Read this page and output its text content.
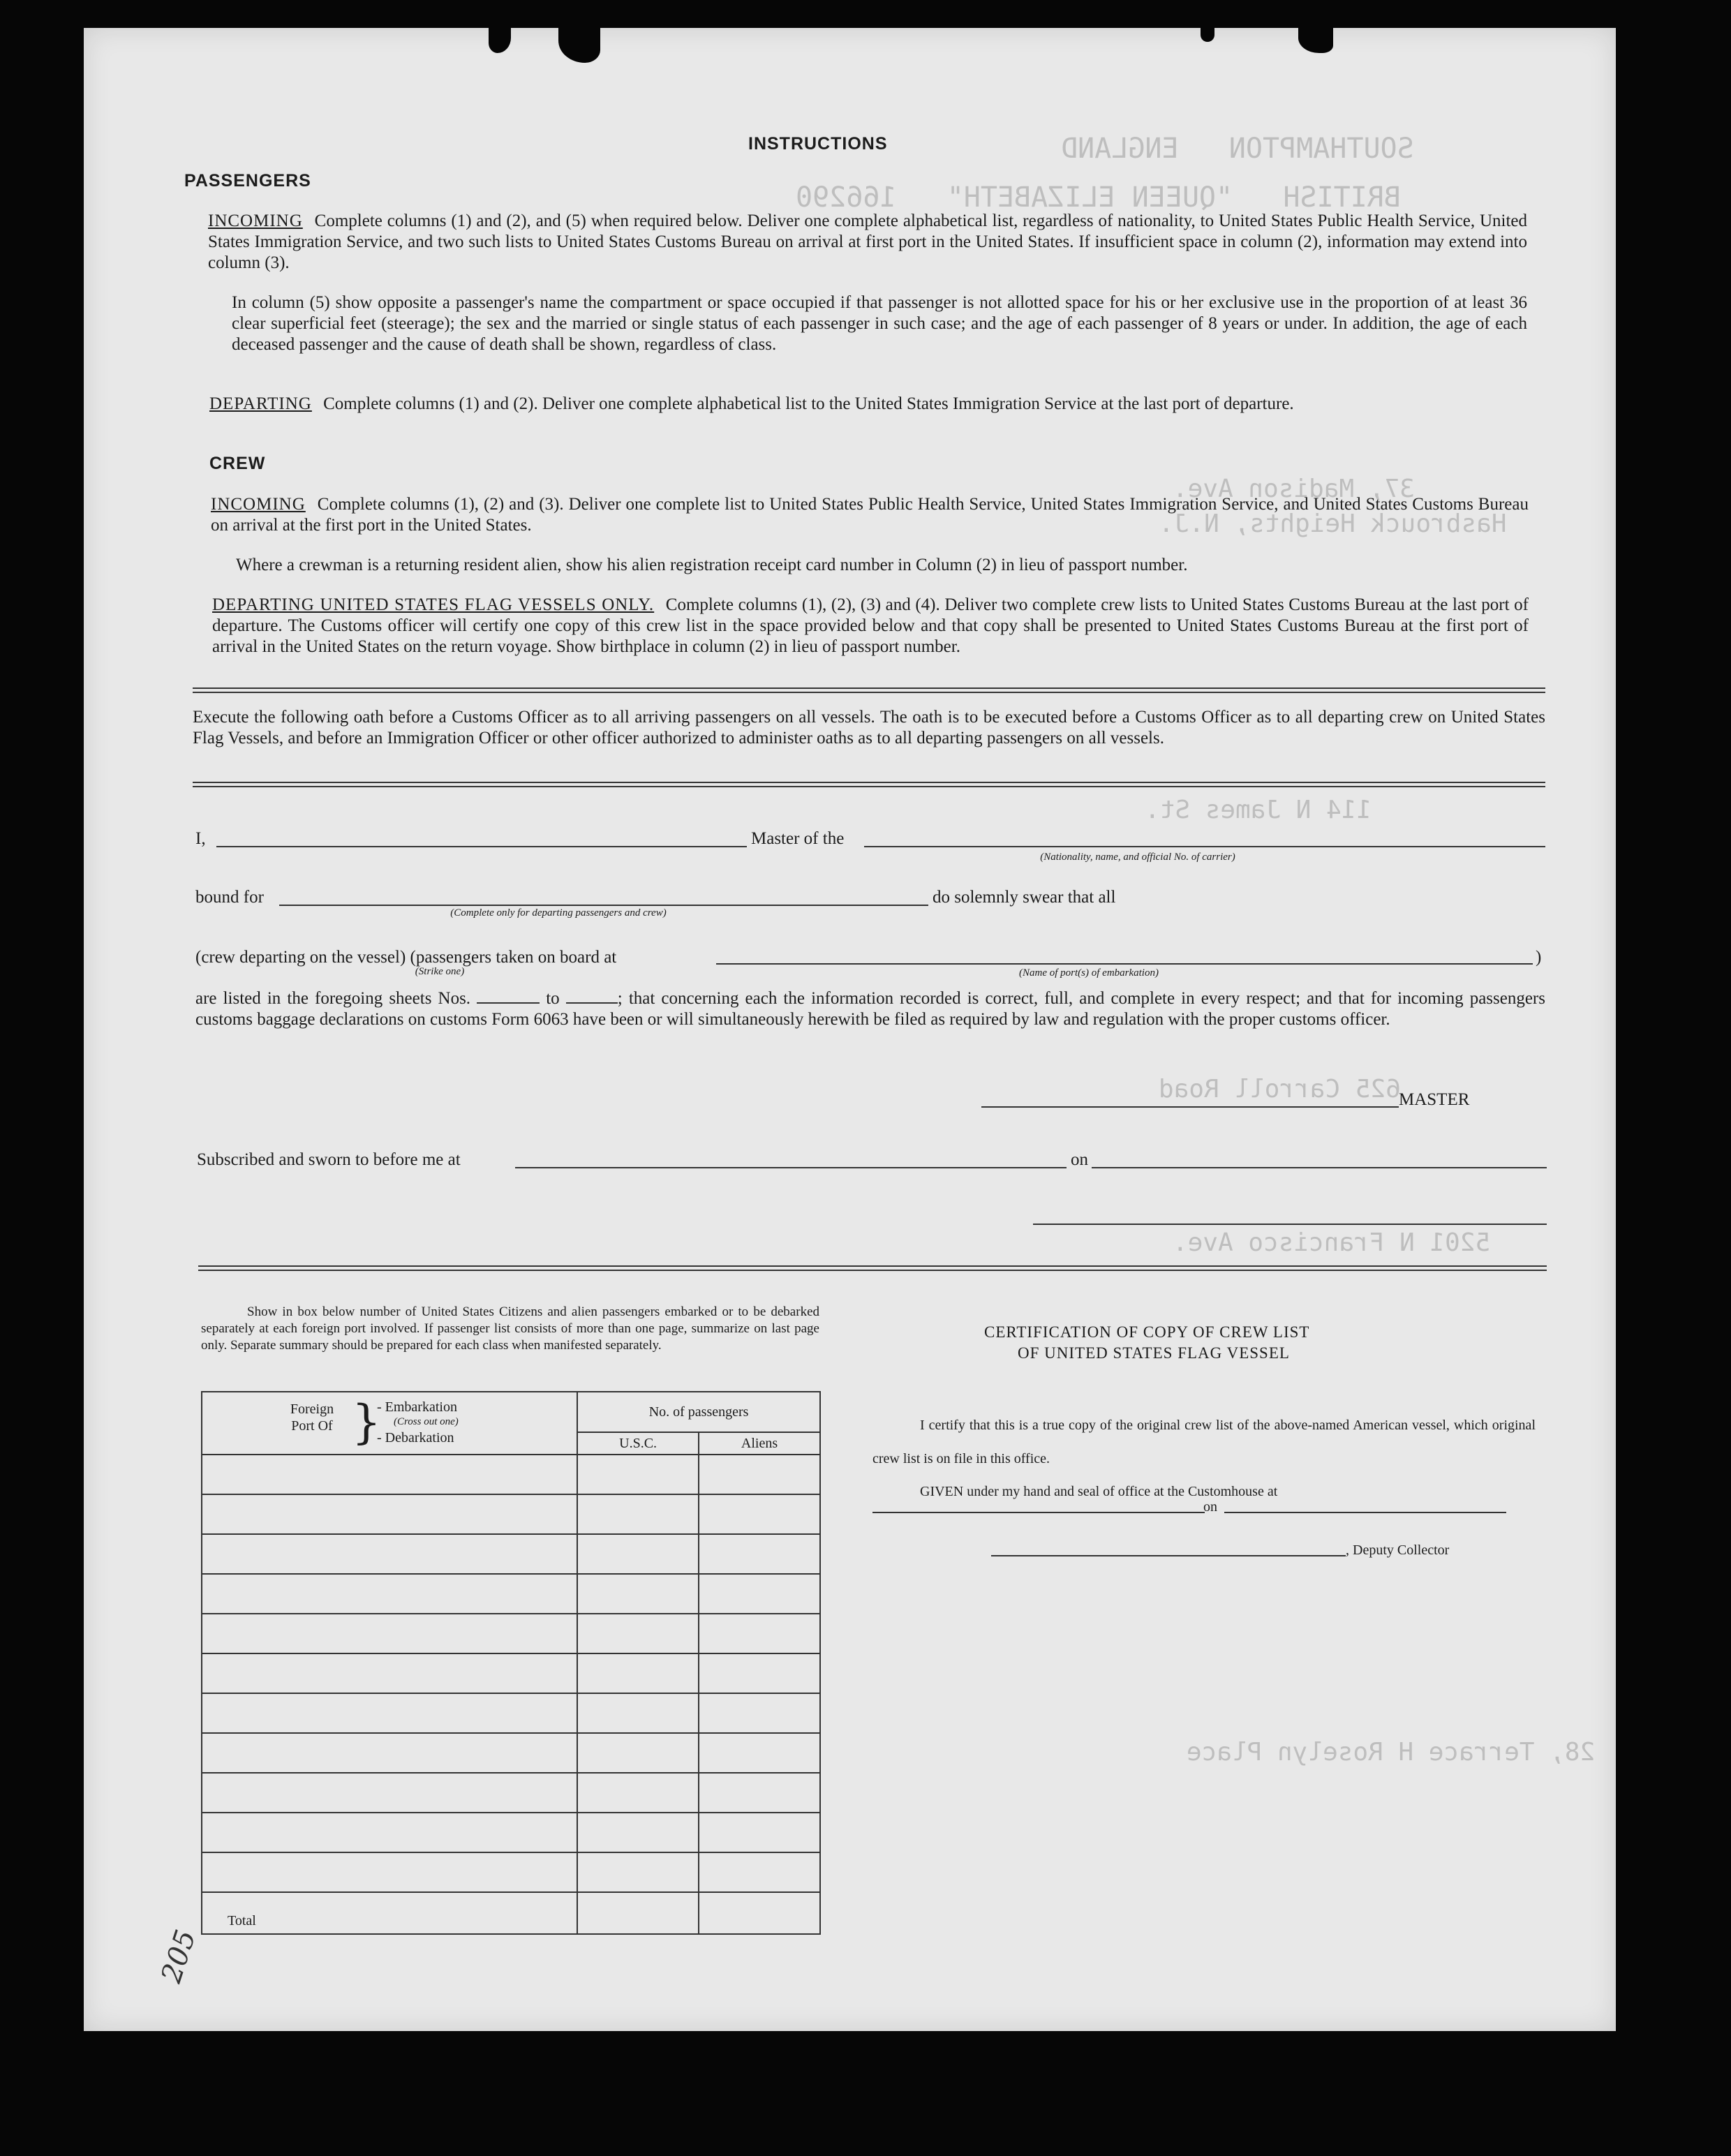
SOUTHAMPTON   ENGLAND
BRITISH   "QUEEN ELIZABETH"   166290
37, Madison Ave.
Hasbrouck Heights, N.J.
114 N James St.
625 Carroll Road
5201 N Francisco Ave.
28, Terrace H Roselyn Place
INSTRUCTIONS
PASSENGERS
INCOMING Complete columns (1) and (2), and (5) when required below. Deliver one complete alphabetical list, regardless of nationality, to United States Public Health Service, United States Immigration Service, and two such lists to United States Customs Bureau on arrival at first port in the United States. If insufficient space in column (2), information may extend into column (3).
In column (5) show opposite a passenger's name the compartment or space occupied if that passenger is not allotted space for his or her exclusive use in the proportion of at least 36 clear superficial feet (steerage); the sex and the married or single status of each passenger in such case; and the age of each passenger of 8 years or under. In addition, the age of each deceased passenger and the cause of death shall be shown, regardless of class.
DEPARTING Complete columns (1) and (2). Deliver one complete alphabetical list to the United States Immigration Service at the last port of departure.
CREW
INCOMING Complete columns (1), (2) and (3). Deliver one complete list to United States Public Health Service, United States Immigration Service, and United States Customs Bureau on arrival at the first port in the United States.
Where a crewman is a returning resident alien, show his alien registration receipt card number in Column (2) in lieu of passport number.
DEPARTING UNITED STATES FLAG VESSELS ONLY. Complete columns (1), (2), (3) and (4). Deliver two complete crew lists to United States Customs Bureau at the last port of departure. The Customs officer will certify one copy of this crew list in the space provided below and that copy shall be presented to United States Customs Bureau at the first port of arrival in the United States on the return voyage. Show birthplace in column (2) in lieu of passport number.
Execute the following oath before a Customs Officer as to all arriving passengers on all vessels. The oath is to be executed before a Customs Officer as to all departing crew on United States Flag Vessels, and before an Immigration Officer or other officer authorized to administer oaths as to all departing passengers on all vessels.
I,	Master of the
(Nationality, name, and official No. of carrier)
bound for
(Complete only for departing passengers and crew)
do solemnly swear that all
(crew departing on the vessel) (passengers taken on board at
(Strike one)	(Name of port(s) of embarkation)
)
are listed in the foregoing sheets Nos.	to	; that concerning each the information recorded is correct, full, and complete in every respect; and that for incoming passengers customs baggage declarations on customs Form 6063 have been or will simultaneously herewith be filed as required by law and regulation with the proper customs officer.
MASTER
Subscribed and sworn to before me at	on
Show in box below number of United States Citizens and alien passengers embarked or to be debarked separately at each foreign port involved. If passenger list consists of more than one page, summarize on last page only. Separate summary should be prepared for each class when manifested separately.
Foreign Port Of }
- Embarkation
(Cross out one)
- Debarkation	No. of passengers	
	U.S.C.	Aliens

Total		
CERTIFICATION OF COPY OF CREW LIST
OF UNITED STATES FLAG VESSEL
I certify that this is a true copy of the original crew list of the above-named American vessel, which original crew list is on file in this office.
GIVEN under my hand and seal of office at the Customhouse at
on
, Deputy Collector
205
